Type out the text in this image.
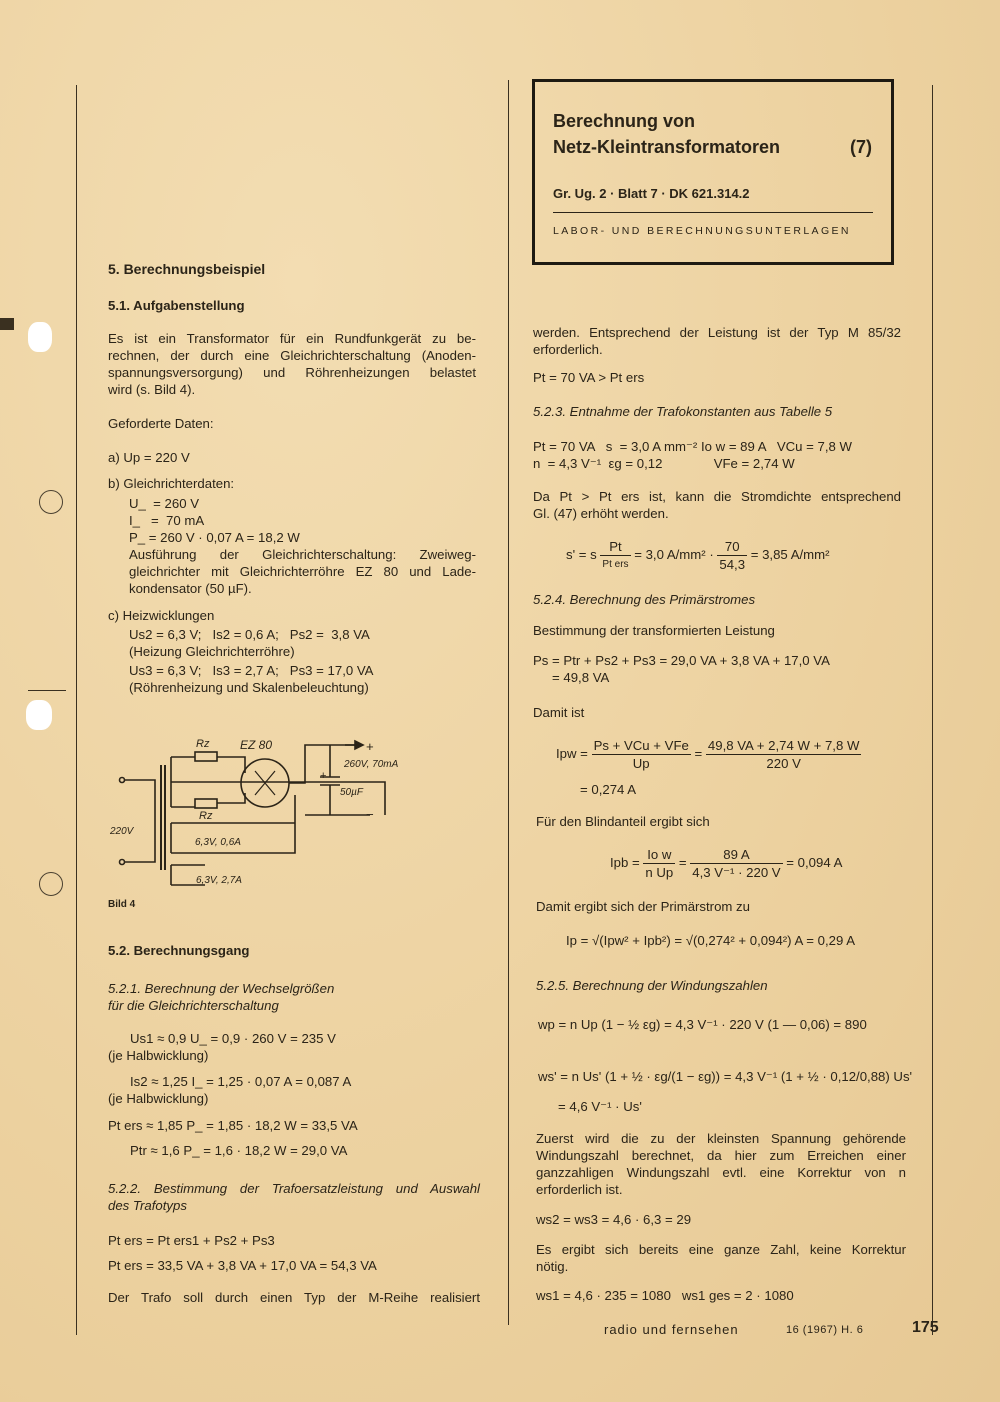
Berechnung von
Netz-Kleintransformatoren	(7)
Gr. Ug. 2 · Blatt 7 · DK 621.314.2
LABOR- UND BERECHNUNGSUNTERLAGEN
5. Berechnungsbeispiel
5.1. Aufgabenstellung
Es ist ein Transformator für ein Rundfunkgerät zu be-
rechnen, der durch eine Gleichrichterschaltung (Anoden-
spannungsversorgung) und Röhrenheizungen belastet
wird (s. Bild 4).
Geforderte Daten:
a) Up = 220 V
b) Gleichrichterdaten:
U_  = 260 V
I_   =  70 mA
P_ = 260 V · 0,07 A = 18,2 W
Ausführung der Gleichrichterschaltung: Zweiweg-
gleichrichter mit Gleichrichterröhre EZ 80 und Lade-
kondensator (50 µF).
c) Heizwicklungen
Us2 = 6,3 V;   Is2 = 0,6 A;   Ps2 =  3,8 VA
(Heizung Gleichrichterröhre)
Us3 = 6,3 V;   Is3 = 2,7 A;   Ps3 = 17,0 VA
(Röhrenheizung und Skalenbeleuchtung)
Rz	EZ 80	+
260V, 70mA
+
50µF
Rz	−
220V
6,3V, 0,6A
6,3V, 2,7A
Bild 4
5.2. Berechnungsgang
5.2.1. Berechnung der Wechselgrößen
für die Gleichrichterschaltung
Us1 ≈ 0,9 U_ = 0,9 · 260 V = 235 V
(je Halbwicklung)
Is2 ≈ 1,25 I_ = 1,25 · 0,07 A = 0,087 A
(je Halbwicklung)
Pt ers ≈ 1,85 P_ = 1,85 · 18,2 W = 33,5 VA
Ptr ≈ 1,6 P_ = 1,6 · 18,2 W = 29,0 VA
5.2.2. Bestimmung der Trafoersatzleistung und Auswahl
des Trafotyps
Pt ers = Pt ers1 + Ps2 + Ps3
Pt ers = 33,5 VA + 3,8 VA + 17,0 VA = 54,3 VA
Der Trafo soll durch einen Typ der M-Reihe realisiert
werden. Entsprechend der Leistung ist der Typ M 85/32
erforderlich.
Pt = 70 VA > Pt ers
5.2.3. Entnahme der Trafokonstanten aus Tabelle 5
Pt = 70 VA   s  = 3,0 A mm⁻² Io w = 89 A   VCu = 7,8 W
n  = 4,3 V⁻¹  εg = 0,12              VFe = 2,74 W
Da Pt > Pt ers ist, kann die Stromdichte entsprechend
Gl. (47) erhöht werden.
s' = s $\frac{Pt}{\text{Pt ers}} = 3,0$ $A/mm^2 \cdot \frac{70}{54,3} = 3,85$ A/mm²
5.2.4. Berechnung des Primärstromes
Bestimmung der transformierten Leistung
Ps = Ptr + Ps2 + Ps3 = 29,0 VA + 3,8 VA + 17,0 VA
= 49,8 VA
Damit ist
Ipw = $\frac{\text{Ps + VCu + VFe}}{Up} = \frac{49,8 VA + 2,74 W + 7,8 W}{220 V}$
= 0,274 A
Für den Blindanteil ergibt sich
Ipb = $\frac{\text{Io w}}{\text{n Up}} = \frac{89 A}{\text{4,3 V⁻¹ · 220 V}} = 0,094$ A
Damit ergibt sich der Primärstrom zu
Ip = √(Ipw² + Ipb²) = √(0,274² + 0,094²) A = 0,29 A
5.2.5. Berechnung der Windungszahlen
wp = n Up (1 − ½ εg) = 4,3 V⁻¹ · 220 V (1 — 0,06) = 890
ws' = n Us' (1 + ½ · εg/(1 − εg)) = 4,3 V⁻¹ (1 + ½ · 0,12/0,88) Us'
= 4,6 V⁻¹ · Us'
Zuerst wird die zu der kleinsten Spannung gehörende
Windungszahl berechnet, da hier zum Erreichen einer
ganzzahligen Windungszahl evtl. eine Korrektur von n
erforderlich ist.
ws2 = ws3 = 4,6 · 6,3 = 29
Es ergibt sich bereits eine ganze Zahl, keine Korrektur
nötig.
ws1 = 4,6 · 235 = 1080   ws1 ges = 2 · 1080
radio und fernsehen	16 (1967) H. 6	175
